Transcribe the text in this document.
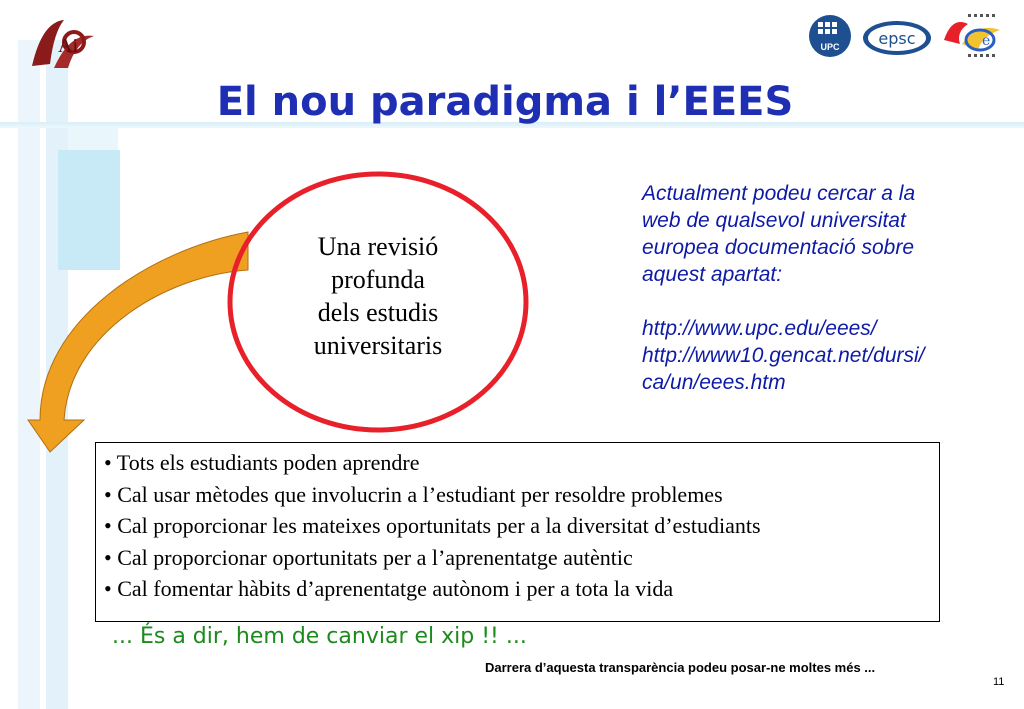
Ai	UPC epsc	e
El nou paradigma i l’EEES
Una revisió
profunda
dels estudis
universitaris
Actualment podeu cercar a la
web de qualsevol universitat
europea documentació sobre
aquest apartat:
http://www.upc.edu/eees/
http://www10.gencat.net/dursi/
ca/un/eees.htm
• Tots els estudiants poden aprendre
• Cal usar mètodes que involucrin a l’estudiant per resoldre problemes
• Cal proporcionar les mateixes oportunitats per a la diversitat d’estudiants
• Cal proporcionar oportunitats per a l’aprenentatge autèntic
• Cal fomentar hàbits d’aprenentatge autònom i per a tota la vida
... És a dir, hem de canviar el xip !! ...
Darrera d’aquesta transparència podeu posar-ne moltes més ...
11
